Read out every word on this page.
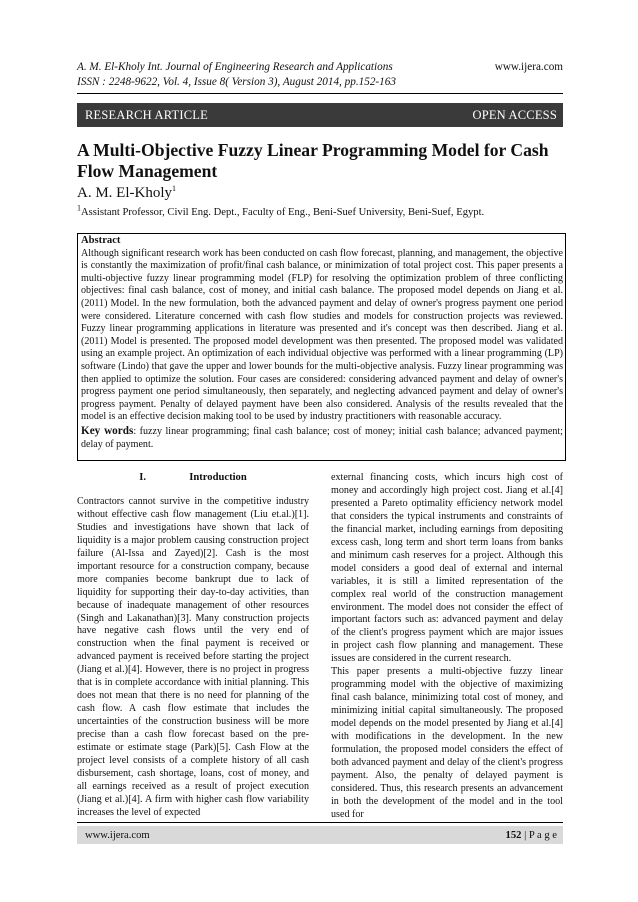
A. M. El-Kholy Int. Journal of Engineering Research and Applications	www.ijera.com
ISSN : 2248-9622, Vol. 4, Issue 8( Version 3), August 2014, pp.152-163
RESEARCH ARTICLE	OPEN ACCESS
A Multi-Objective Fuzzy Linear Programming Model for Cash Flow Management
A. M. El-Kholy$^1$
$^1$Assistant Professor, Civil Eng. Dept., Faculty of Eng., Beni-Suef University, Beni-Suef, Egypt.
Abstract

Although significant research work has been conducted on cash flow forecast, planning, and management, the objective is constantly the maximization of profit/final cash balance, or minimization of total project cost. This paper presents a multi-objective fuzzy linear programming model (FLP) for resolving the optimization problem of three conflicting objectives: final cash balance, cost of money, and initial cash balance. The proposed model depends on Jiang et al. (2011) Model. In the new formulation, both the advanced payment and delay of owner's progress payment one period were considered. Literature concerned with cash flow studies and models for construction projects was reviewed. Fuzzy linear programming applications in literature was presented and it's concept was then described. Jiang et al. (2011) Model is presented. The proposed model development was then presented. The proposed model was validated using an example project. An optimization of each individual objective was performed with a linear programming (LP) software (Lindo) that gave the upper and lower bounds for the multi-objective analysis. Fuzzy linear programming was then applied to optimize the solution. Four cases are considered: considering advanced payment and delay of owner's progress payment one period simultaneously, then separately, and neglecting advanced payment and delay of owner's progress payment. Penalty of delayed payment have been also considered. Analysis of the results revealed that the model is an effective decision making tool to be used by industry practitioners with reasonable accuracy.

Key words: fuzzy linear programming; final cash balance; cost of money; initial cash balance; advanced payment; delay of payment.

I.	Introduction

Contractors cannot survive in the competitive industry without effective cash flow management (Liu et.al.)[1]. Studies and investigations have shown that lack of liquidity is a major problem causing construction project failure (Al-Issa and Zayed)[2]. Cash is the most important resource for a construction company, because more companies become bankrupt due to lack of liquidity for supporting their day-to-day activities, than because of inadequate management of other resources (Singh and Lakanathan)[3]. Many construction projects have negative cash flows until the very end of construction when the final payment is received or advanced payment is received before starting the project (Jiang et al.)[4]. However, there is no project in progress that is in complete accordance with initial planning. This does not mean that there is no need for planning of the cash flow. A cash flow estimate that includes the uncertainties of the construction business will be more precise than a cash flow forecast based on the pre-estimate or estimate stage (Park)[5]. Cash Flow at the project level consists of a complete history of all cash disbursement, cash shortage, loans, cost of money, and all earnings received as a result of project execution (Jiang et al.)[4]. A firm with higher cash flow variability increases the level of expected

external financing costs, which incurs high cost of money and accordingly high project cost. Jiang et al.[4] presented a Pareto optimality efficiency network model that considers the typical instruments and constraints of the financial market, including earnings from depositing excess cash, long term and short term loans from banks and minimum cash reserves for a project. Although this model considers a good deal of external and internal variables, it is still a limited representation of the complex real world of the construction management environment. The model does not consider the effect of important factors such as: advanced payment and delay of the client's progress payment which are major issues in project cash flow planning and management. These issues are considered in the current research.

This paper presents a multi-objective fuzzy linear programming model with the objective of maximizing final cash balance, minimizing total cost of money, and minimizing initial capital simultaneously. The proposed model depends on the model presented by Jiang et al.[4] with modifications in the development. In the new formulation, the proposed model considers the effect of both advanced payment and delay of the client's progress payment. Also, the penalty of delayed payment is considered. Thus, this research presents an advancement in both the development of the model and in the tool used for

www.ijera.com	152 | P a g e
